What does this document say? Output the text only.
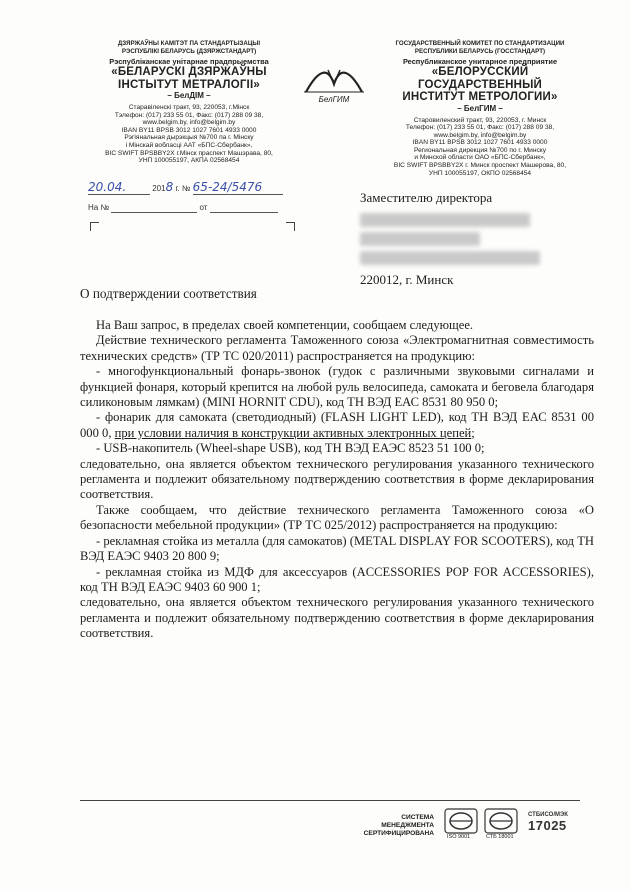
ДЗЯРЖАЎНЫ КАМІТЭТ ПА СТАНДАРТЫЗАЦЫІ
РЭСПУБЛІКІ БЕЛАРУСЬ (ДЗЯРЖСТАНДАРТ)
Рэспубліканскае унітарнае прадпрыемства
«БЕЛАРУСКІ ДЗЯРЖАЎНЫ
ІНСТЫТУТ МЕТРАЛОГІІ»
– БелДІМ –
Старавіленскі тракт, 93, 220053, г.Мінск
Тэлефон: (017) 233 55 01, Факс: (017) 288 09 38,
www.belgim.by, info@belgim.by
IBAN BY11 BPSB 3012 1027 7601 4933 0000
Рэгіянальная дырэкцыя №700 па г. Мінску
і Мінскай вобласці ААТ «БПС-Сбербанк»,
BIC SWIFT BPSBBY2X г.Мінск праспект Машэрава, 80,
УНП 100055197, АКПА 02568454
БелГИМ
ГОСУДАРСТВЕННЫЙ КОМИТЕТ ПО СТАНДАРТИЗАЦИИ
РЕСПУБЛИКИ БЕЛАРУСЬ (ГОССТАНДАРТ)
Республиканское унитарное предприятие
«БЕЛОРУССКИЙ ГОСУДАРСТВЕННЫЙ
ИНСТИТУТ МЕТРОЛОГИИ»
– БелГИМ –
Старовиленский тракт, 93, 220053, г. Минск
Телефон: (017) 233 55 01, Факс: (017) 288 09 38,
www.belgim.by, info@belgim.by
IBAN BY11 BPSB 3012 1027 7601 4933 0000
Региональная дирекция №700 по г. Минску
и Минской области ОАО «БПС-Сбербанк»,
BIC SWIFT BPSBBY2X г. Минск проспект Машерова, 80,
УНП 100055197, ОКПО 02568454
20.04.	2018 г. № 65-24/5476
На №	от
Заместителю директора
220012, г. Минск
О подтверждении соответствия

На Ваш запрос, в пределах своей компетенции, сообщаем следующее.

Действие технического регламента Таможенного союза «Электромагнитная совместимость технических средств» (ТР ТС 020/2011) распространяется на продукцию:

- многофункциональный фонарь-звонок (гудок с различными звуковыми сигналами и функцией фонаря, который крепится на любой руль велосипеда, самоката и беговела благодаря силиконовым лямкам) (MINI HORNIT CDU), код ТН ВЭД ЕАС 8531 80 950 0;

- фонарик для самоката (светодиодный) (FLASH LIGHT LED), код ТН ВЭД ЕАС 8531 00 000 0, при условии наличия в конструкции активных электронных цепей;

- USB-накопитель (Wheel-shape USB), код ТН ВЭД ЕАЭС 8523 51 100 0;

следовательно, она является объектом технического регулирования указанного технического регламента и подлежит обязательному подтверждению соответствия в форме декларирования соответствия.

Также сообщаем, что действие технического регламента Таможенного союза «О безопасности мебельной продукции» (ТР ТС 025/2012) распространяется на продукцию:

- рекламная стойка из металла (для самокатов) (METAL DISPLAY FOR SCOOTERS), код ТН ВЭД ЕАЭС 9403 20 800 9;

- рекламная стойка из МДФ для аксессуаров (ACCESSORIES POP FOR ACCESSORIES), код ТН ВЭД ЕАЭС 9403 60 900 1;

следовательно, она является объектом технического регулирования указанного технического регламента и подлежит обязательному подтверждению соответствия в форме декларирования соответствия.

СИСТЕМА МЕНЕДЖМЕНТА
СЕРТИФИЦИРОВАНА ISO 9001	СТБ 18001
СТБИСО/МЭК
17025
